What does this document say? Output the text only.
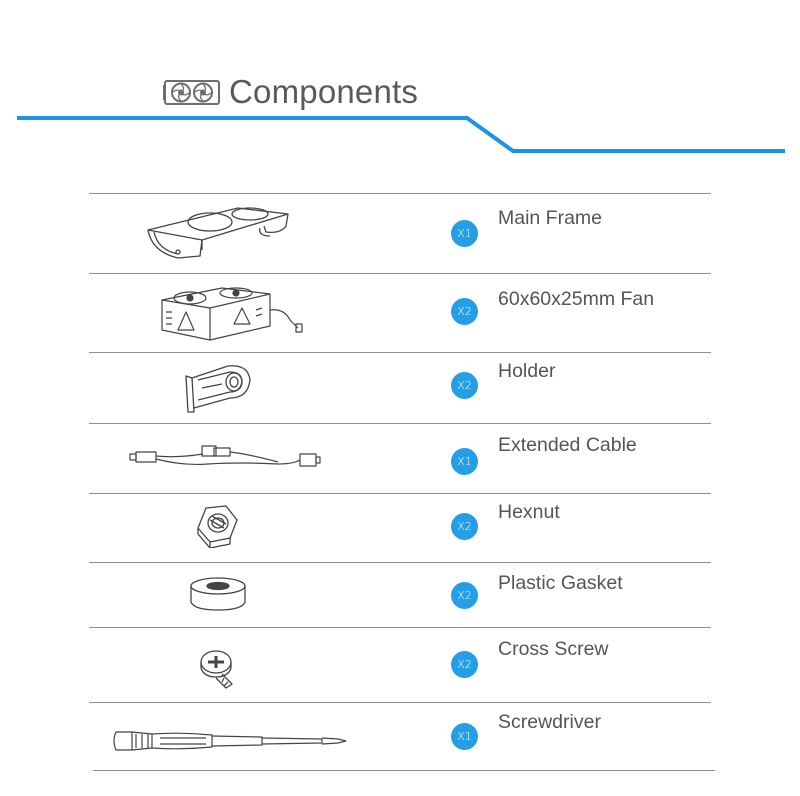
Components
X1
Main Frame
X2
60x60x25mm Fan
X2
Holder
X1
Extended Cable
X2
Hexnut
X2
Plastic Gasket
X2
Cross Screw
X1
Screwdriver
